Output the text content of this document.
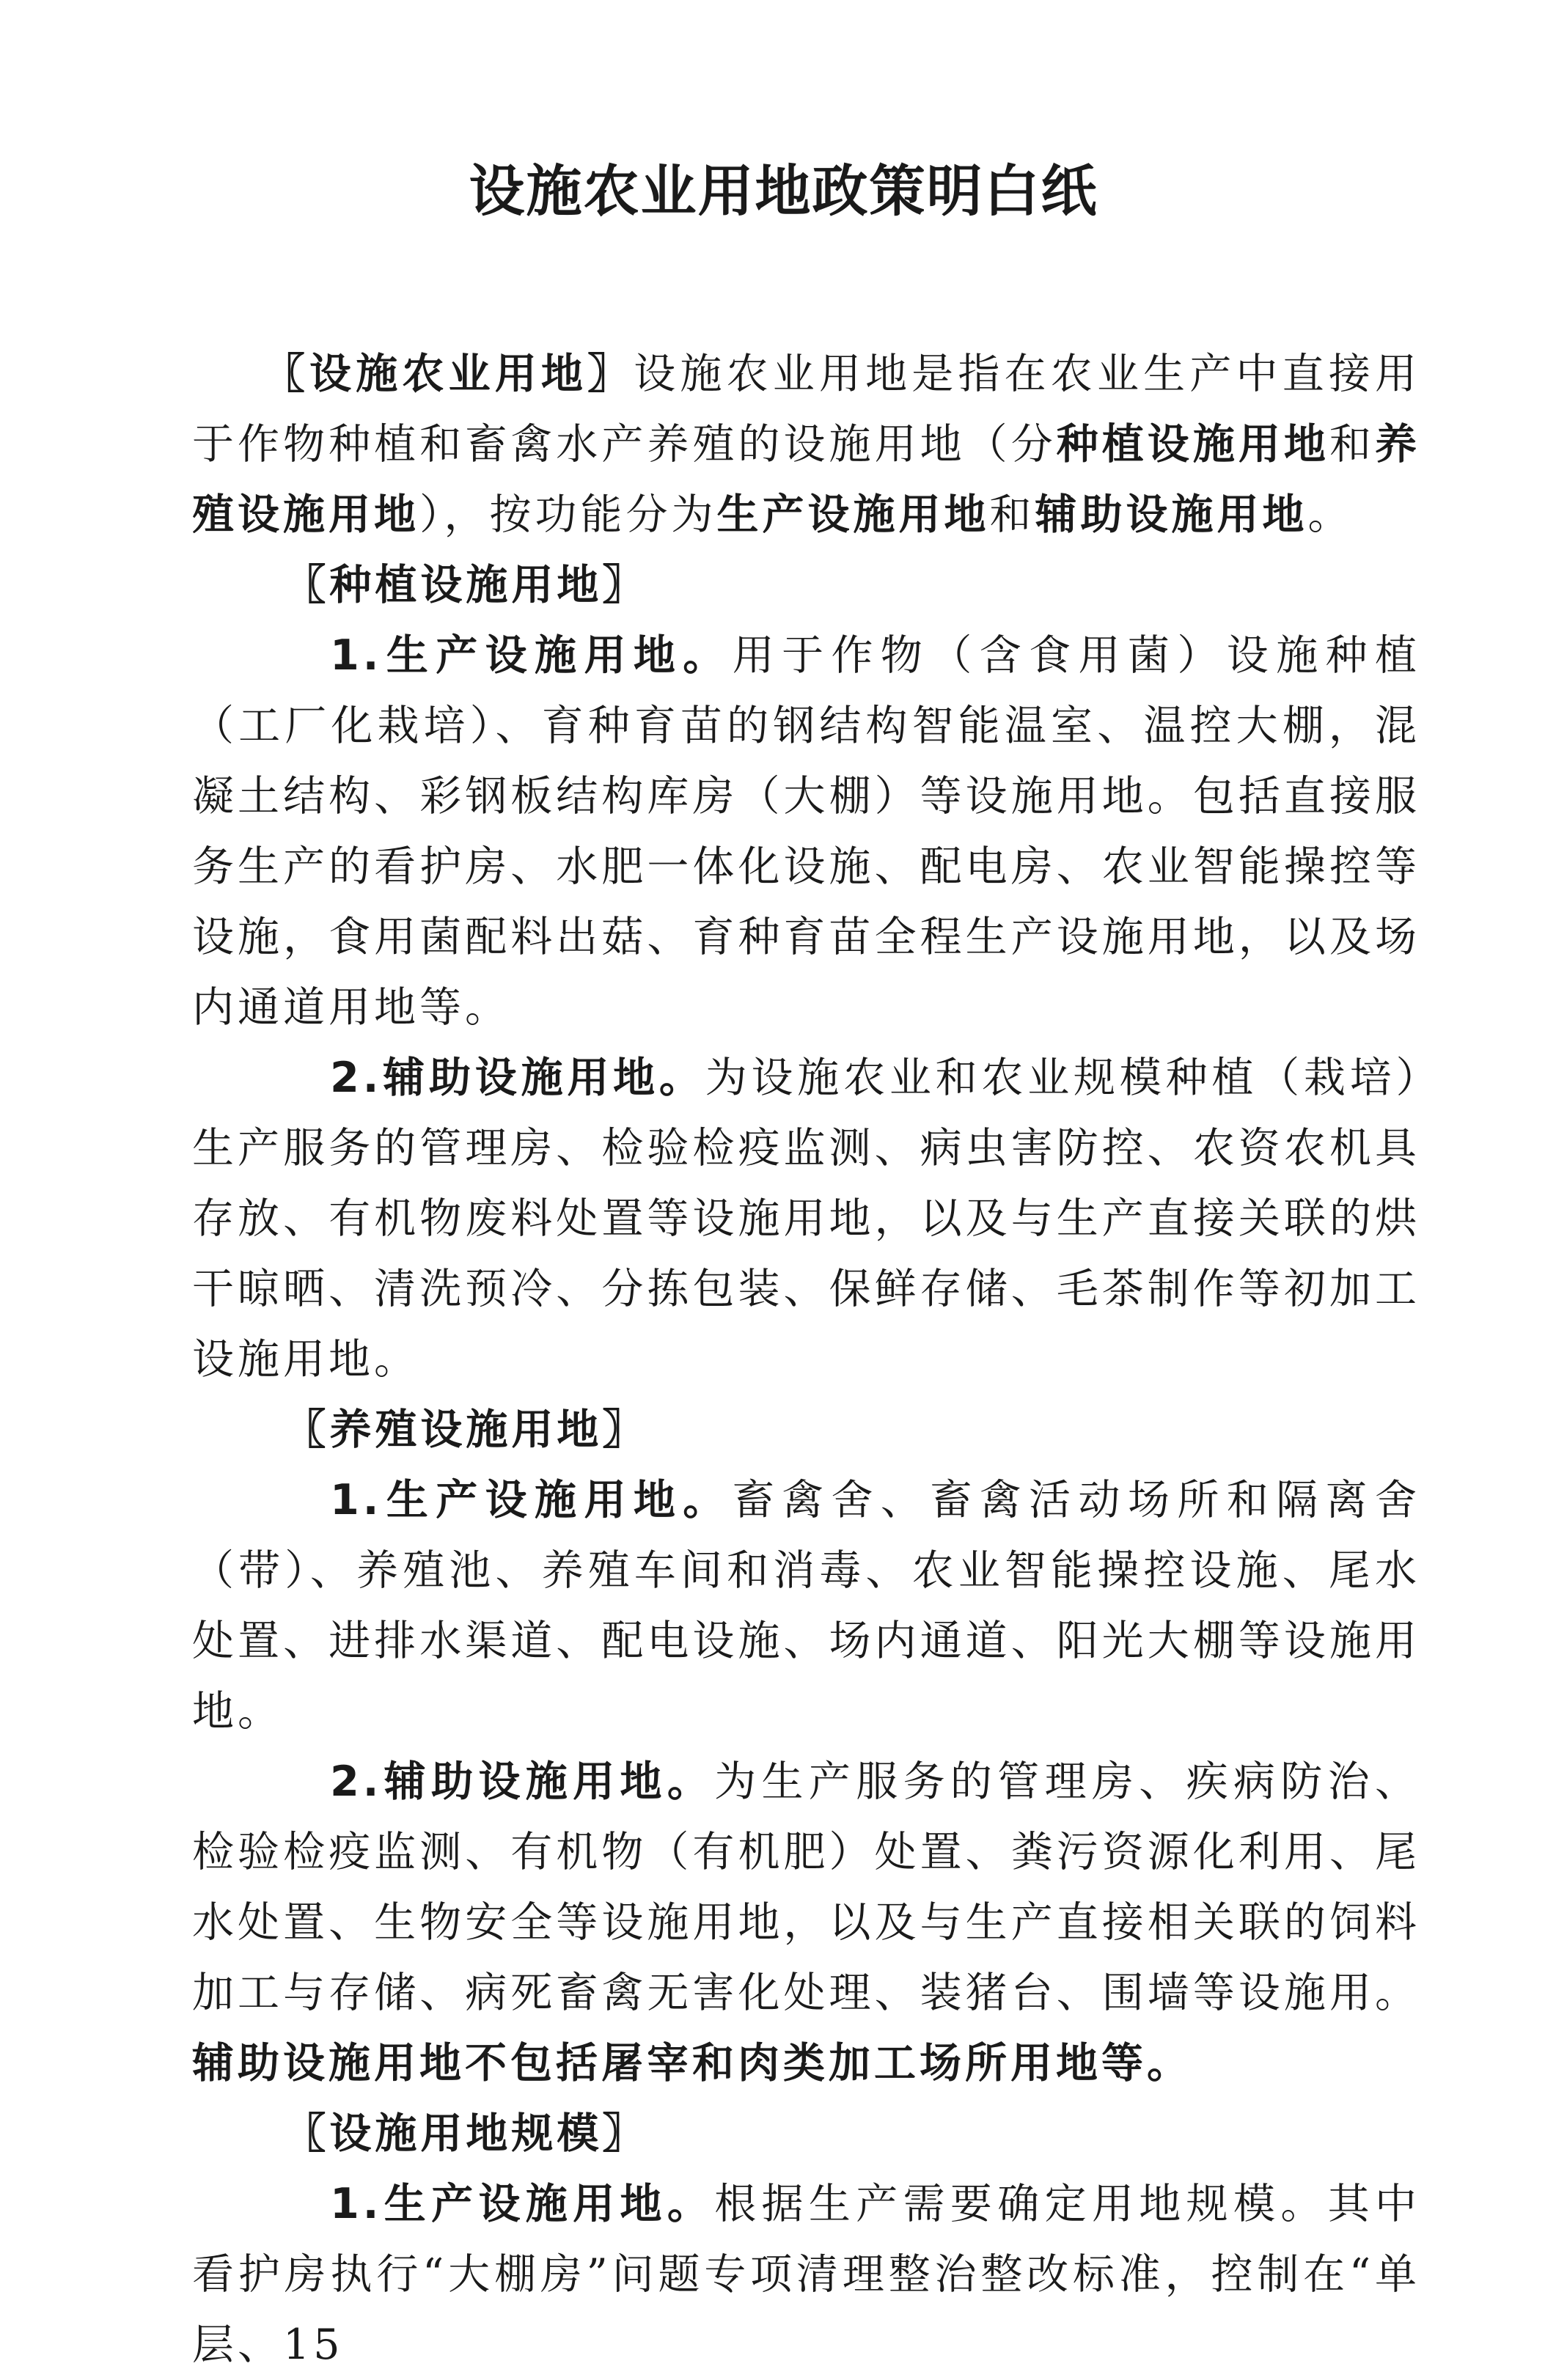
设施农业用地政策明白纸

〖设施农业用地〗设施农业用地是指在农业生产中直接用于作物种植和畜禽水产养殖的设施用地（分种植设施用地和养殖设施用地），按功能分为生产设施用地和辅助设施用地。

〖种植设施用地〗

1.生产设施用地。用于作物（含食用菌）设施种植（工厂化栽培）、育种育苗的钢结构智能温室、温控大棚，混凝土结构、彩钢板结构库房（大棚）等设施用地。包括直接服务生产的看护房、水肥一体化设施、配电房、农业智能操控等设施，食用菌配料出菇、育种育苗全程生产设施用地，以及场内通道用地等。

2.辅助设施用地。为设施农业和农业规模种植（栽培）生产服务的管理房、检验检疫监测、病虫害防控、农资农机具存放、有机物废料处置等设施用地，以及与生产直接关联的烘干晾晒、清洗预冷、分拣包装、保鲜存储、毛茶制作等初加工设施用地。

〖养殖设施用地〗

1.生产设施用地。畜禽舍、畜禽活动场所和隔离舍（带）、养殖池、养殖车间和消毒、农业智能操控设施、尾水处置、进排水渠道、配电设施、场内通道、阳光大棚等设施用地。

2.辅助设施用地。为生产服务的管理房、疾病防治、检验检疫监测、有机物（有机肥）处置、粪污资源化利用、尾水处置、生物安全等设施用地，以及与生产直接相关联的饲料加工与存储、病死畜禽无害化处理、装猪台、围墙等设施用。辅助设施用地不包括屠宰和肉类加工场所用地等。

〖设施用地规模〗

1.生产设施用地。根据生产需要确定用地规模。其中看护房执行“大棚房”问题专项清理整治整改标准，控制在“单层、15
